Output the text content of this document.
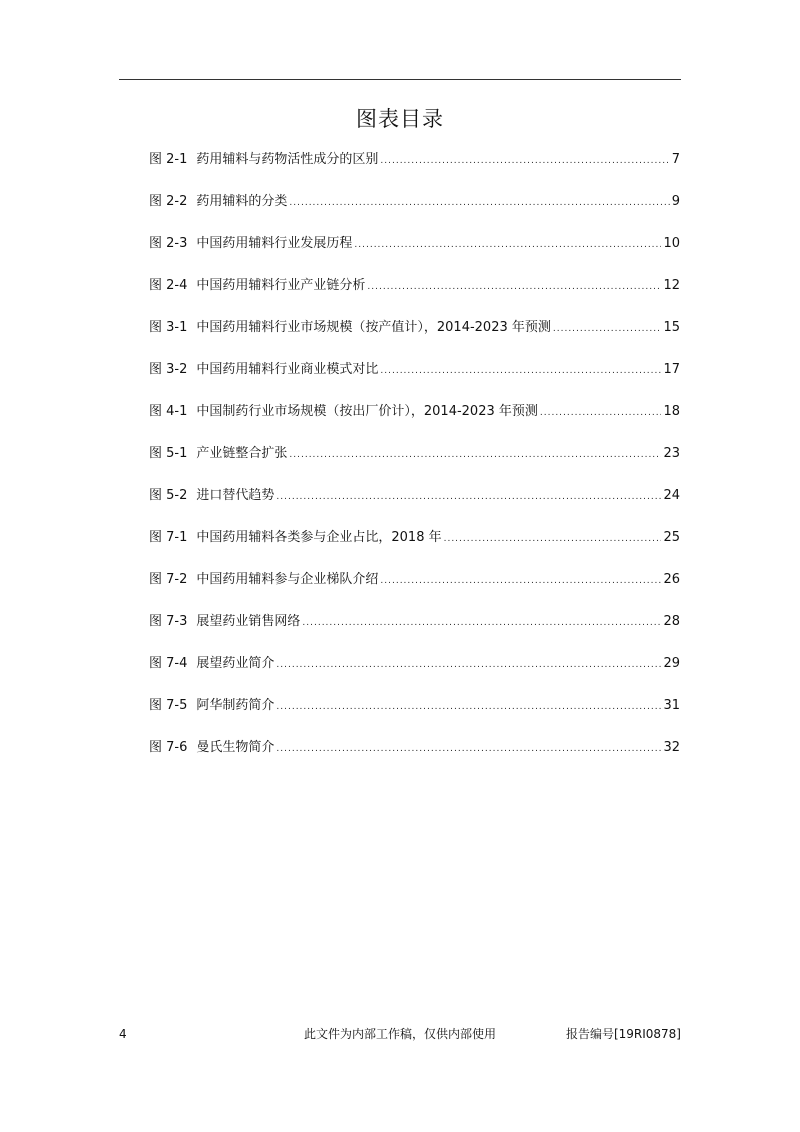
图表目录
图 2-1 药用辅料与药物活性成分的区别 .....	7
图 2-2 药用辅料的分类 .....	9
图 2-3 中国药用辅料行业发展历程 .....	10
图 2-4 中国药用辅料行业产业链分析 .....	12
图 3-1 中国药用辅料行业市场规模（按产值计），2014-2023 年预测 .....	15
图 3-2 中国药用辅料行业商业模式对比 .....	17
图 4-1 中国制药行业市场规模（按出厂价计），2014-2023 年预测 .....	18
图 5-1 产业链整合扩张 .....	23
图 5-2 进口替代趋势 .....	24
图 7-1 中国药用辅料各类参与企业占比，2018 年 .....	25
图 7-2 中国药用辅料参与企业梯队介绍 .....	26
图 7-3 展望药业销售网络 .....	28
图 7-4 展望药业简介 .....	29
图 7-5 阿华制药简介 .....	31
图 7-6 曼氏生物简介 .....	32
4	此文件为内部工作稿，仅供内部使用	报告编号[19RI0878]
